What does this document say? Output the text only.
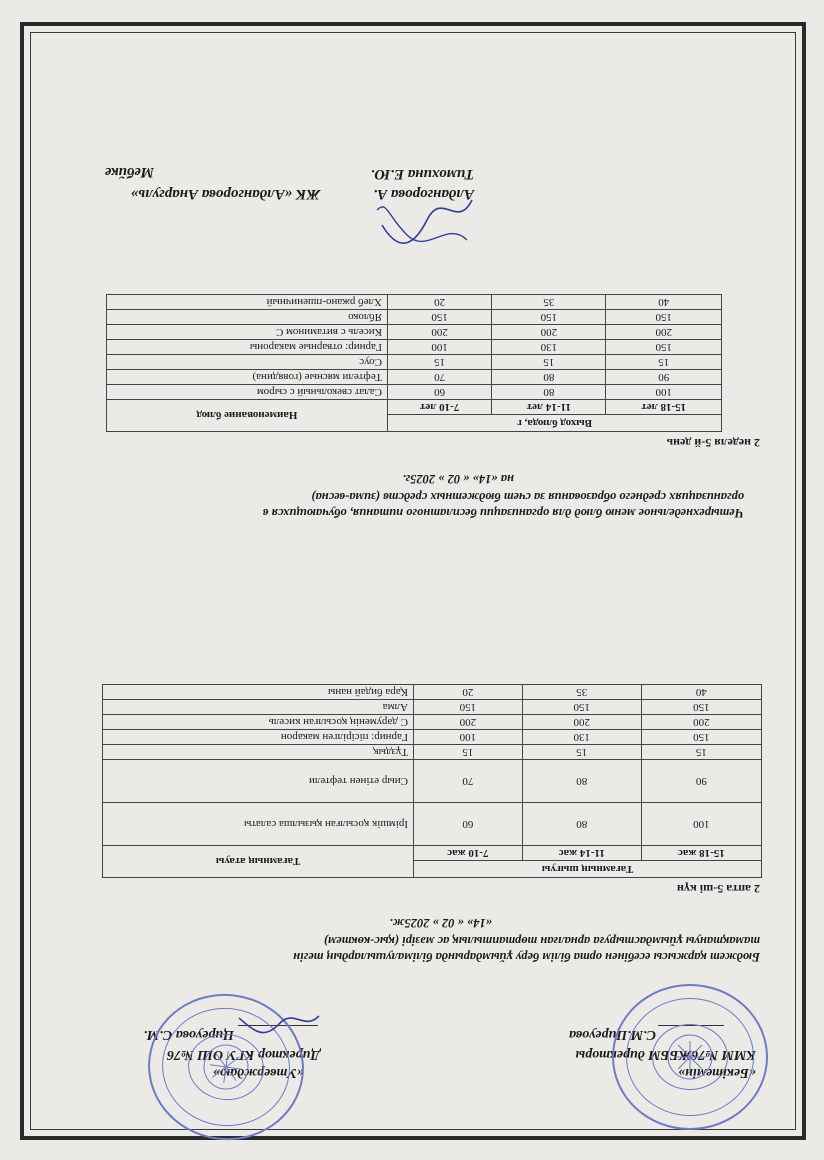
«Бекітемін»
КММ №76ЖББМ директоры
С.М.Циреуова
«Утверждаю»
Директор КГУ ОШ №76
Циреуова С.М.
Бюджет қаржысы есебінен орта білім беру ұйымдарында білімалушылардың тегін
тамақтануы ұйымдастыруға арналған төртаптылық ас мәзірі (қыс-көктем)
«14» « 02 » 2025ж.
2 апта 5-ші күн
Тағамның шығуы			Тағамның атауы
15-18 жас	11-14 жас	7-10 жас	
100	80	60	Ірімшік қосылған қызылша салаты
90	80	70	Сиыр етінен тефтели
15	15	15	Тұздық
150	130	100	Гарнир: пісірілген макарон
200	200	200	С дәруменің қосылған кисель
150	150	150	Алма
40	35	20	Қара бидай наны
Четырехнедельное меню блюд для организации бесплатного питания, обучающихся в
организациях среднего образования за счет бюджетных средств (зима-весна)
на «14» « 02 » 2025г.
2 неделя 5-й день
Выход блюда, г			Наименование блюд
15-18 лет	11-14 лет	7-10 лет	
100	80	60	Салат свекольный с сыром
90	80	70	Тефтели мясные (говядина)
15	15	15	Соус
150	130	100	Гарнир: отварные макароны
200	200	200	Кисель с витамином С
150	150	150	Яблоко
40	35	20	Хлеб ржано-пшеничный
Алдангорова А.
Тимохина Е.Ю.
ЖК «Алдангорова Анаргуль»
Мебйке
